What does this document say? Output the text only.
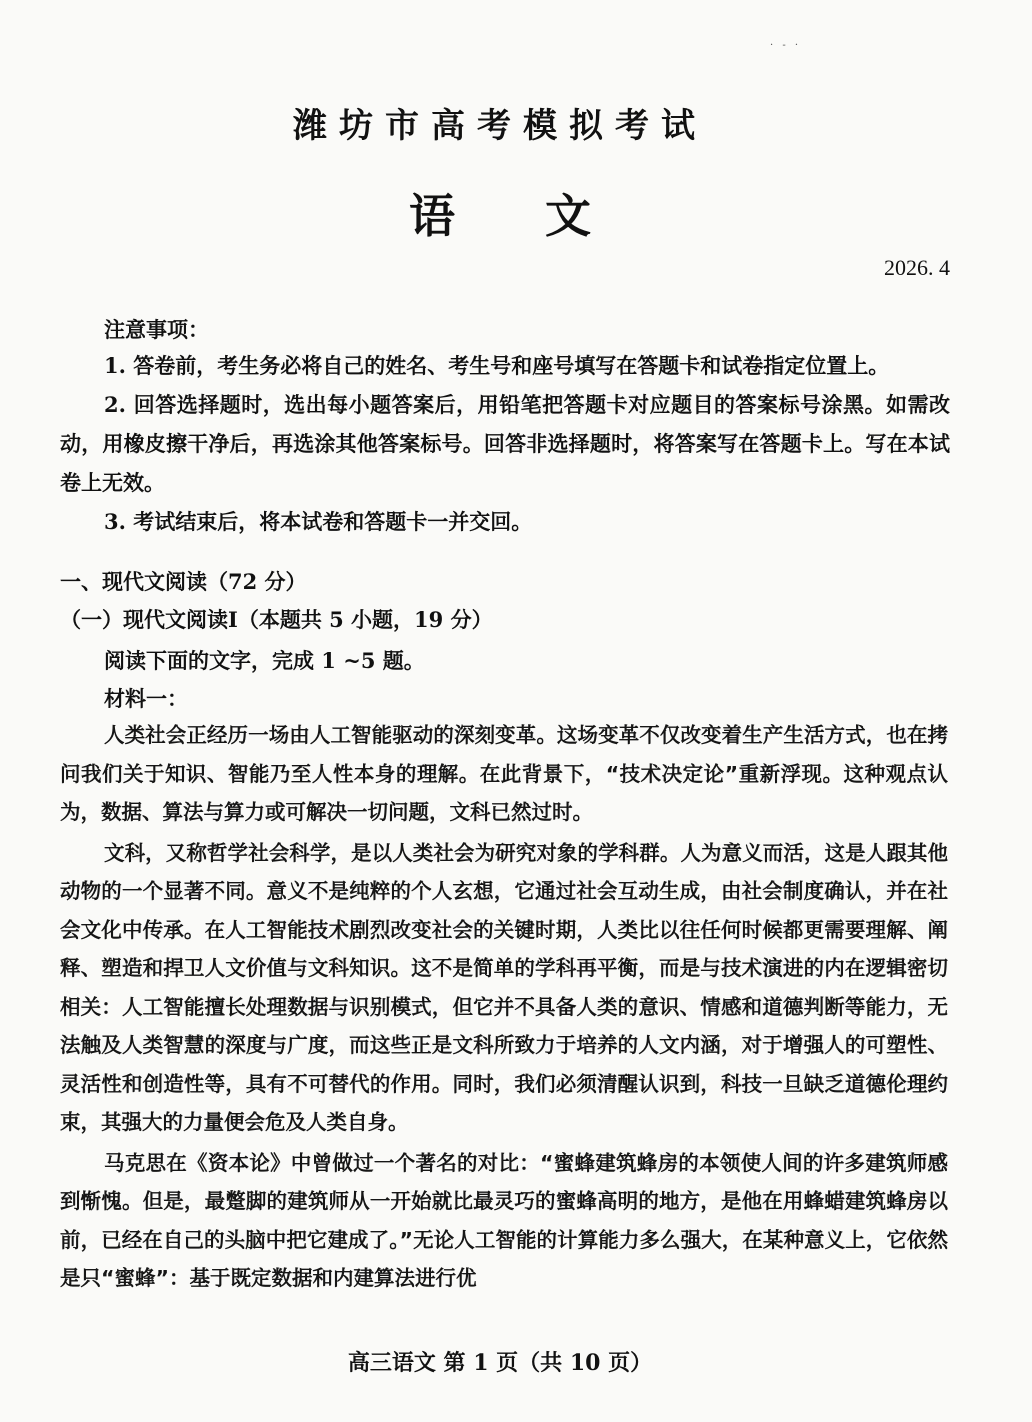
· - ·
潍坊市高考模拟考试
语文
2026. 4
注意事项：

1. 答卷前，考生务必将自己的姓名、考生号和座号填写在答题卡和试卷指定位置上。

2. 回答选择题时，选出每小题答案后，用铅笔把答题卡对应题目的答案标号涂黑。如需改动，用橡皮擦干净后，再选涂其他答案标号。回答非选择题时，将答案写在答题卡上。写在本试卷上无效。

3. 考试结束后，将本试卷和答题卡一并交回。

一、现代文阅读（72 分）
（一）现代文阅读Ⅰ（本题共 5 小题，19 分）
阅读下面的文字，完成 1 ~5 题。
材料一：

人类社会正经历一场由人工智能驱动的深刻变革。这场变革不仅改变着生产生活方式，也在拷问我们关于知识、智能乃至人性本身的理解。在此背景下，“技术决定论”重新浮现。这种观点认为，数据、算法与算力或可解决一切问题，文科已然过时。

文科，又称哲学社会科学，是以人类社会为研究对象的学科群。人为意义而活，这是人跟其他动物的一个显著不同。意义不是纯粹的个人玄想，它通过社会互动生成，由社会制度确认，并在社会文化中传承。在人工智能技术剧烈改变社会的关键时期，人类比以往任何时候都更需要理解、阐释、塑造和捍卫人文价值与文科知识。这不是简单的学科再平衡，而是与技术演进的内在逻辑密切相关：人工智能擅长处理数据与识别模式，但它并不具备人类的意识、情感和道德判断等能力，无法触及人类智慧的深度与广度，而这些正是文科所致力于培养的人文内涵，对于增强人的可塑性、灵活性和创造性等，具有不可替代的作用。同时，我们必须清醒认识到，科技一旦缺乏道德伦理约束，其强大的力量便会危及人类自身。

马克思在《资本论》中曾做过一个著名的对比：“蜜蜂建筑蜂房的本领使人间的许多建筑师感到惭愧。但是，最蹩脚的建筑师从一开始就比最灵巧的蜜蜂高明的地方，是他在用蜂蜡建筑蜂房以前，已经在自己的头脑中把它建成了。”无论人工智能的计算能力多么强大，在某种意义上，它依然是只“蜜蜂”：基于既定数据和内建算法进行优

高三语文 第 1 页（共 10 页）
